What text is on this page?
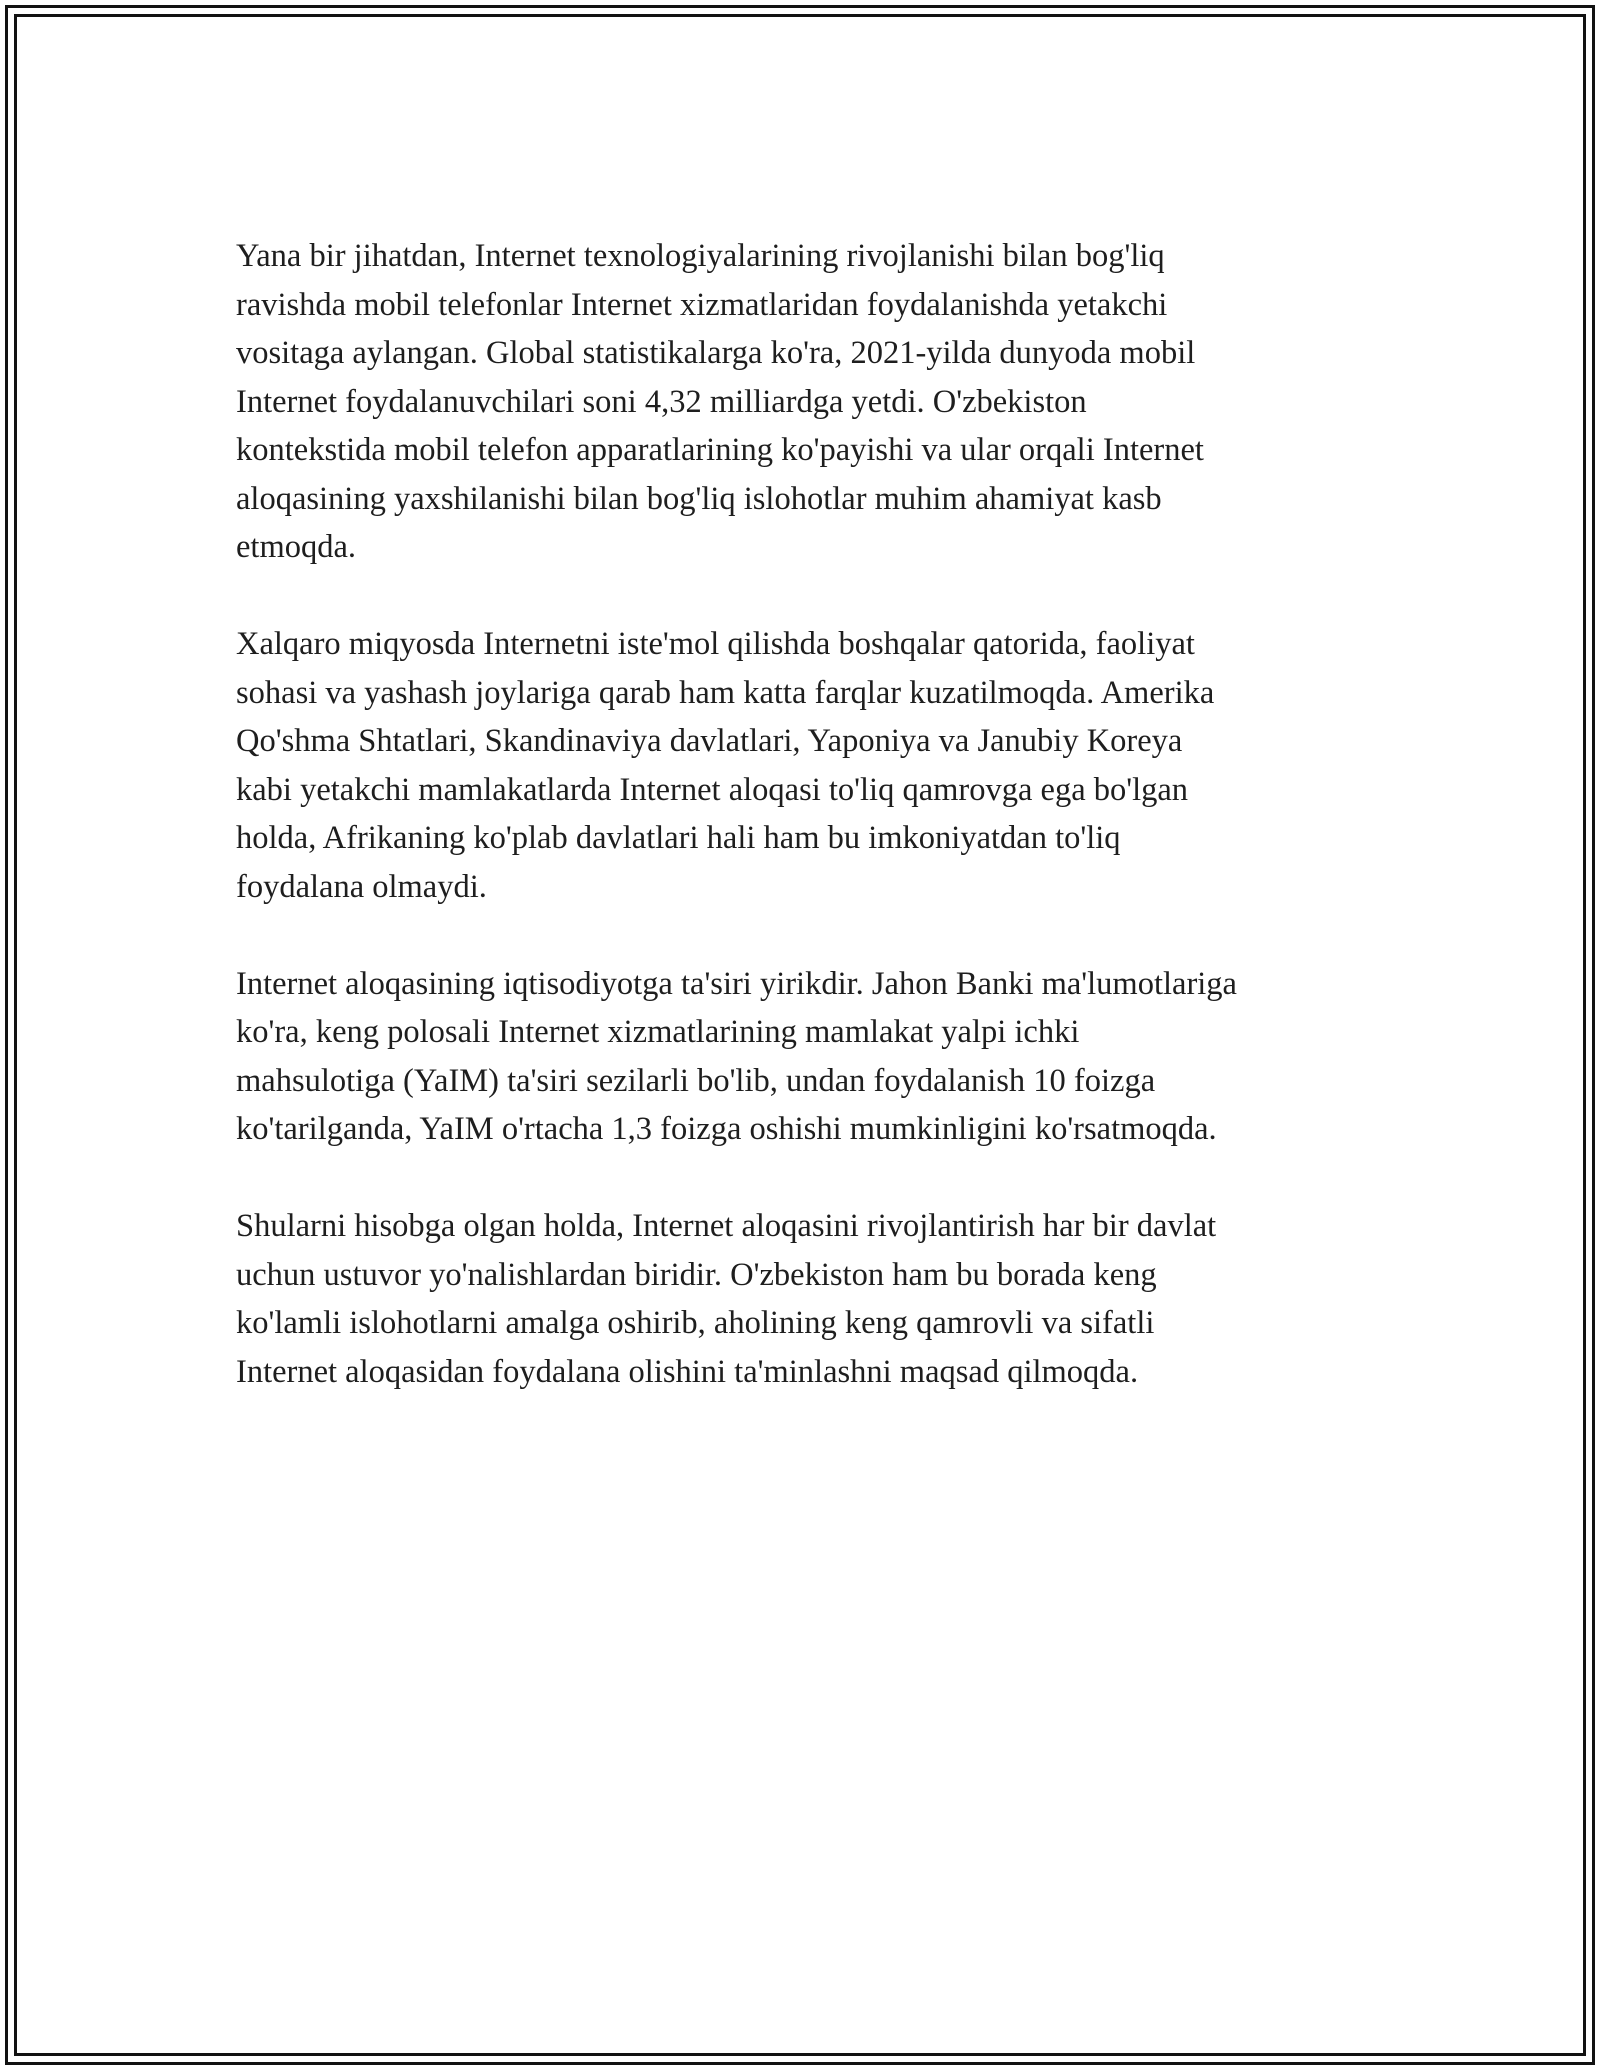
Yana bir jihatdan, Internet texnologiyalarining rivojlanishi bilan bog'liq
ravishda mobil telefonlar Internet xizmatlaridan foydalanishda yetakchi
vositaga aylangan. Global statistikalarga ko'ra, 2021-yilda dunyoda mobil
Internet foydalanuvchilari soni 4,32 milliardga yetdi. O'zbekiston
kontekstida mobil telefon apparatlarining ko'payishi va ular orqali Internet
aloqasining yaxshilanishi bilan bog'liq islohotlar muhim ahamiyat kasb
etmoqda.

Xalqaro miqyosda Internetni iste'mol qilishda boshqalar qatorida, faoliyat
sohasi va yashash joylariga qarab ham katta farqlar kuzatilmoqda. Amerika
Qo'shma Shtatlari, Skandinaviya davlatlari, Yaponiya va Janubiy Koreya
kabi yetakchi mamlakatlarda Internet aloqasi to'liq qamrovga ega bo'lgan
holda, Afrikaning ko'plab davlatlari hali ham bu imkoniyatdan to'liq
foydalana olmaydi.

Internet aloqasining iqtisodiyotga ta'siri yirikdir. Jahon Banki ma'lumotlariga
ko'ra, keng polosali Internet xizmatlarining mamlakat yalpi ichki
mahsulotiga (YaIM) ta'siri sezilarli bo'lib, undan foydalanish 10 foizga
ko'tarilganda, YaIM o'rtacha 1,3 foizga oshishi mumkinligini ko'rsatmoqda.

Shularni hisobga olgan holda, Internet aloqasini rivojlantirish har bir davlat
uchun ustuvor yo'nalishlardan biridir. O'zbekiston ham bu borada keng
ko'lamli islohotlarni amalga oshirib, aholining keng qamrovli va sifatli
Internet aloqasidan foydalana olishini ta'minlashni maqsad qilmoqda.
